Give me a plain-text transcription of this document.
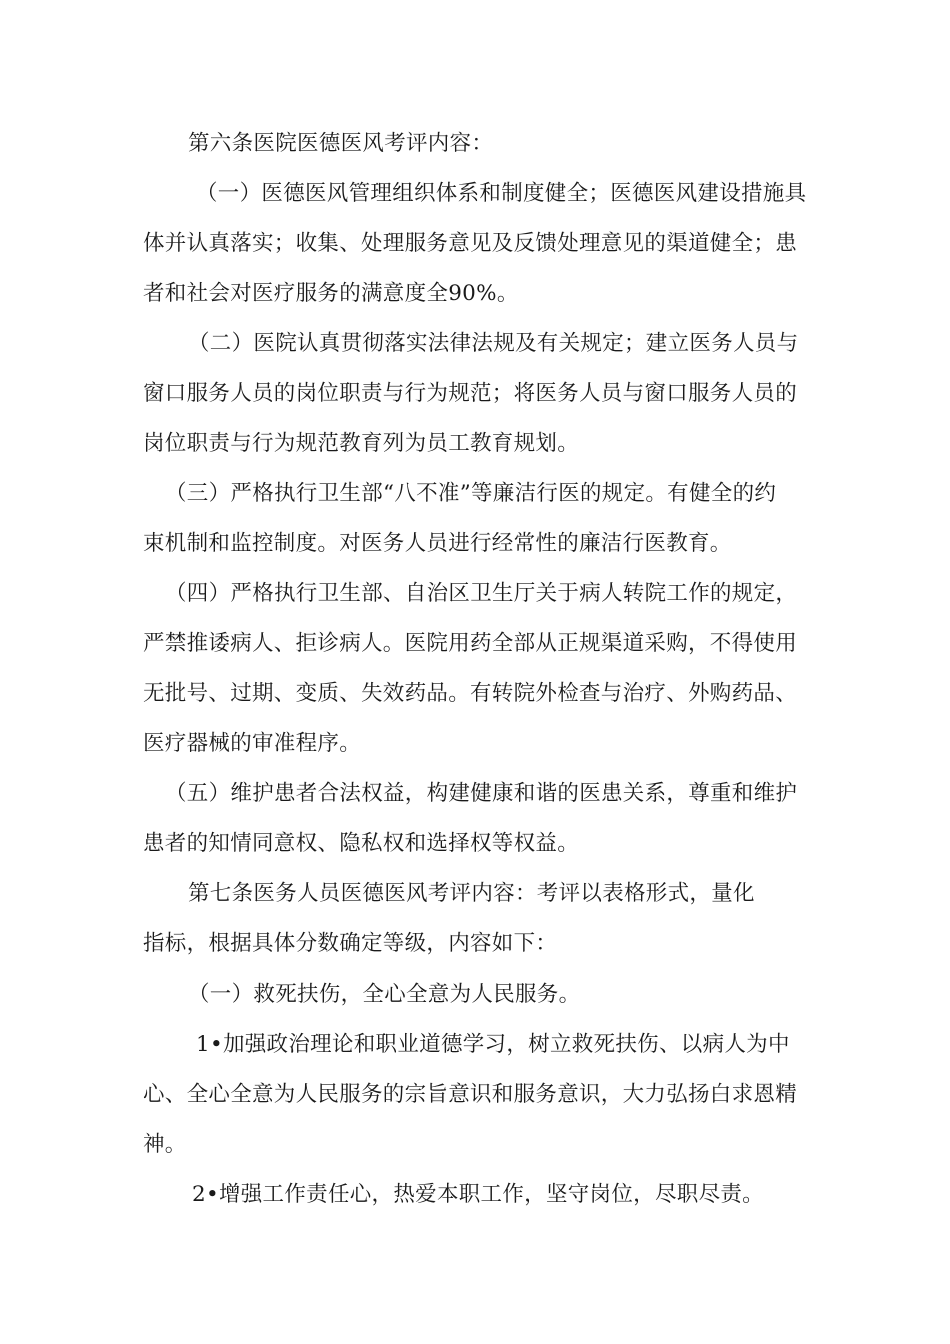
第六条医院医德医风考评内容：
（一）医德医风管理组织体系和制度健全；医德医风建设措施具
体并认真落实；收集、处理服务意见及反馈处理意见的渠道健全；患
者和社会对医疗服务的满意度全90%。
（二）医院认真贯彻落实法律法规及有关规定；建立医务人员与
窗口服务人员的岗位职责与行为规范；将医务人员与窗口服务人员的
岗位职责与行为规范教育列为员工教育规划。
（三）严格执行卫生部“八不准”等廉洁行医的规定。有健全的约
束机制和监控制度。对医务人员进行经常性的廉洁行医教育。
（四）严格执行卫生部、自治区卫生厅关于病人转院工作的规定，
严禁推诿病人、拒诊病人。医院用药全部从正规渠道采购，不得使用
无批号、过期、变质、失效药品。有转院外检查与治疗、外购药品、
医疗器械的审准程序。
（五）维护患者合法权益，构建健康和谐的医患关系，尊重和维护
患者的知情同意权、隐私权和选择权等权益。
第七条医务人员医德医风考评内容：考评以表格形式，量化
指标，根据具体分数确定等级，内容如下：
（一）救死扶伤，全心全意为人民服务。
1•加强政治理论和职业道德学习，树立救死扶伤、以病人为中
心、全心全意为人民服务的宗旨意识和服务意识，大力弘扬白求恩精
神。
2•增强工作责任心，热爱本职工作，坚守岗位，尽职尽责。
